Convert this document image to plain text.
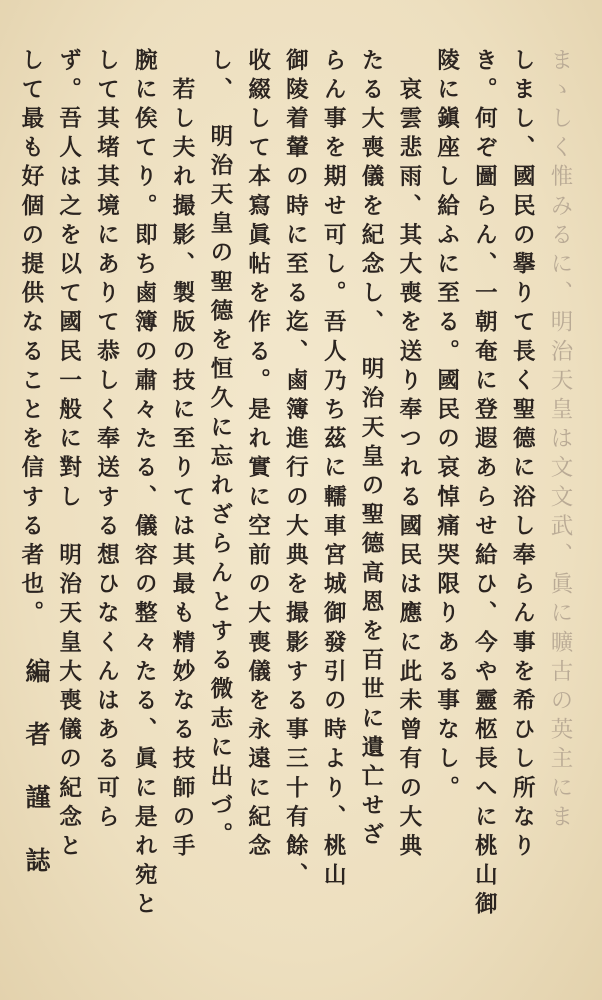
まゝしく惟みるに、明治天皇は文文武、眞に曠古の英主にま
しまし、國民の擧りて長く聖德に浴し奉らん事を希ひし所なり
き。何ぞ圖らん、一朝奄に登遐あらせ給ひ、今や靈柩長へに桃山御
陵に鎭座し給ふに至る。國民の哀悼痛哭限りある事なし。
　哀雲悲雨、其大喪を送り奉つれる國民は應に此未曾有の大典
たる大喪儀を紀念し、　明治天皇の聖德高恩を百世に遺亡せざ
らん事を期せ可し。吾人乃ち茲に轜車宮城御發引の時より、桃山
御陵着輦の時に至る迄、鹵簿進行の大典を撮影する事三十有餘、
收綴して本寫眞帖を作る。是れ實に空前の大喪儀を永遠に紀念
し、　明治天皇の聖德を恒久に忘れざらんとする微志に出づ。
　若し夫れ撮影、製版の技に至りては其最も精妙なる技師の手
腕に俟てり。即ち鹵簿の肅々たる、儀容の整々たる、眞に是れ宛と
して其堵其境にありて恭しく奉送する想ひなくんはある可ら
ず。吾人は之を以て國民一般に對し　明治天皇大喪儀の紀念と
して最も好個の提供なることを信する者也。
編者謹誌
